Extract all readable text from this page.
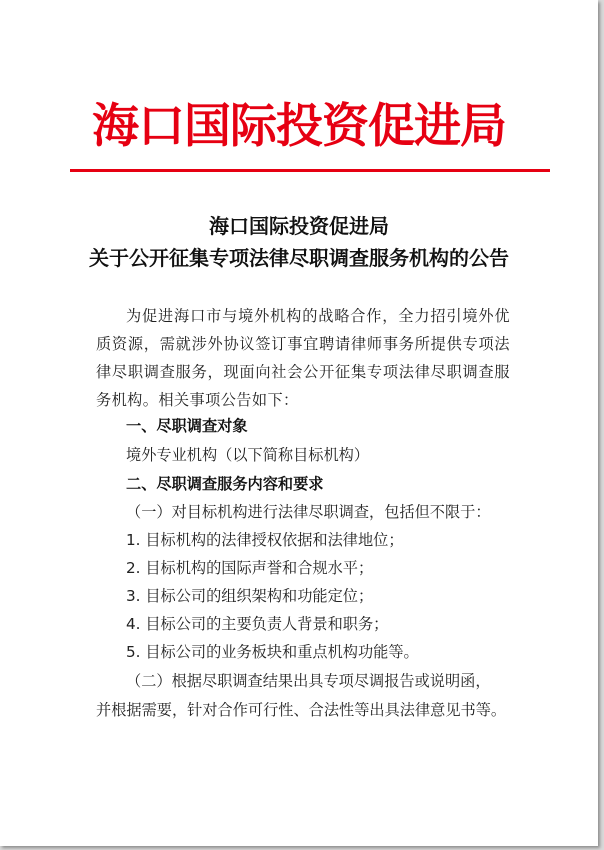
海口国际投资促进局
海口国际投资促进局
关于公开征集专项法律尽职调查服务机构的公告

为促进海口市与境外机构的战略合作，全力招引境外优质资源，需就涉外协议签订事宜聘请律师事务所提供专项法律尽职调查服务，现面向社会公开征集专项法律尽职调查服务机构。相关事项公告如下：

一、尽职调查对象
境外专业机构（以下简称目标机构）
二、尽职调查服务内容和要求
（一）对目标机构进行法律尽职调查，包括但不限于：
1. 目标机构的法律授权依据和法律地位；
2. 目标机构的国际声誉和合规水平；
3. 目标公司的组织架构和功能定位；
4. 目标公司的主要负责人背景和职务；
5. 目标公司的业务板块和重点机构功能等。
（二）根据尽职调查结果出具专项尽调报告或说明函，
并根据需要，针对合作可行性、合法性等出具法律意见书等。
